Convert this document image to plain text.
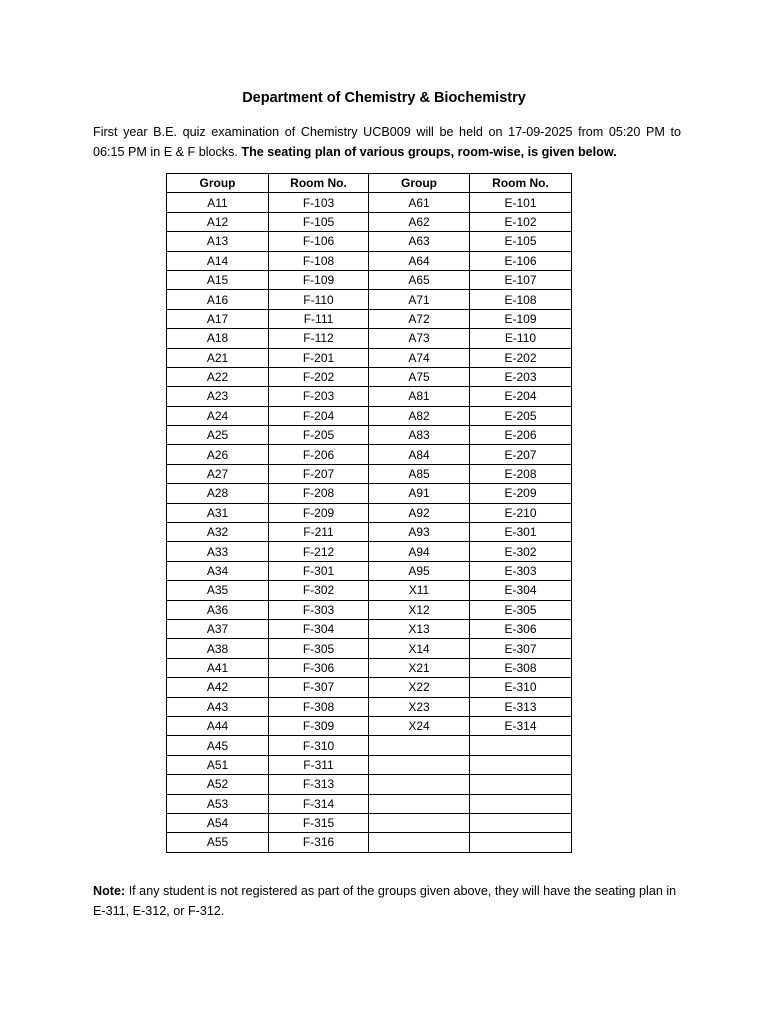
Department of Chemistry & Biochemistry

First year B.E. quiz examination of Chemistry UCB009 will be held on 17-09-2025 from 05:20 PM to 06:15 PM in E & F blocks. The seating plan of various groups, room-wise, is given below.

Group	Room No.	Group	Room No.
A11	F-103	A61	E-101
A12	F-105	A62	E-102
A13	F-106	A63	E-105
A14	F-108	A64	E-106
A15	F-109	A65	E-107
A16	F-110	A71	E-108
A17	F-111	A72	E-109
A18	F-112	A73	E-110
A21	F-201	A74	E-202
A22	F-202	A75	E-203
A23	F-203	A81	E-204
A24	F-204	A82	E-205
A25	F-205	A83	E-206
A26	F-206	A84	E-207
A27	F-207	A85	E-208
A28	F-208	A91	E-209
A31	F-209	A92	E-210
A32	F-211	A93	E-301
A33	F-212	A94	E-302
A34	F-301	A95	E-303
A35	F-302	X11	E-304
A36	F-303	X12	E-305
A37	F-304	X13	E-306
A38	F-305	X14	E-307
A41	F-306	X21	E-308
A42	F-307	X22	E-310
A43	F-308	X23	E-313
A44	F-309	X24	E-314
A45	F-310		
A51	F-311		
A52	F-313		
A53	F-314		
A54	F-315		
A55	F-316		

Note: If any student is not registered as part of the groups given above, they will have the seating plan in E-311, E-312, or F-312.
